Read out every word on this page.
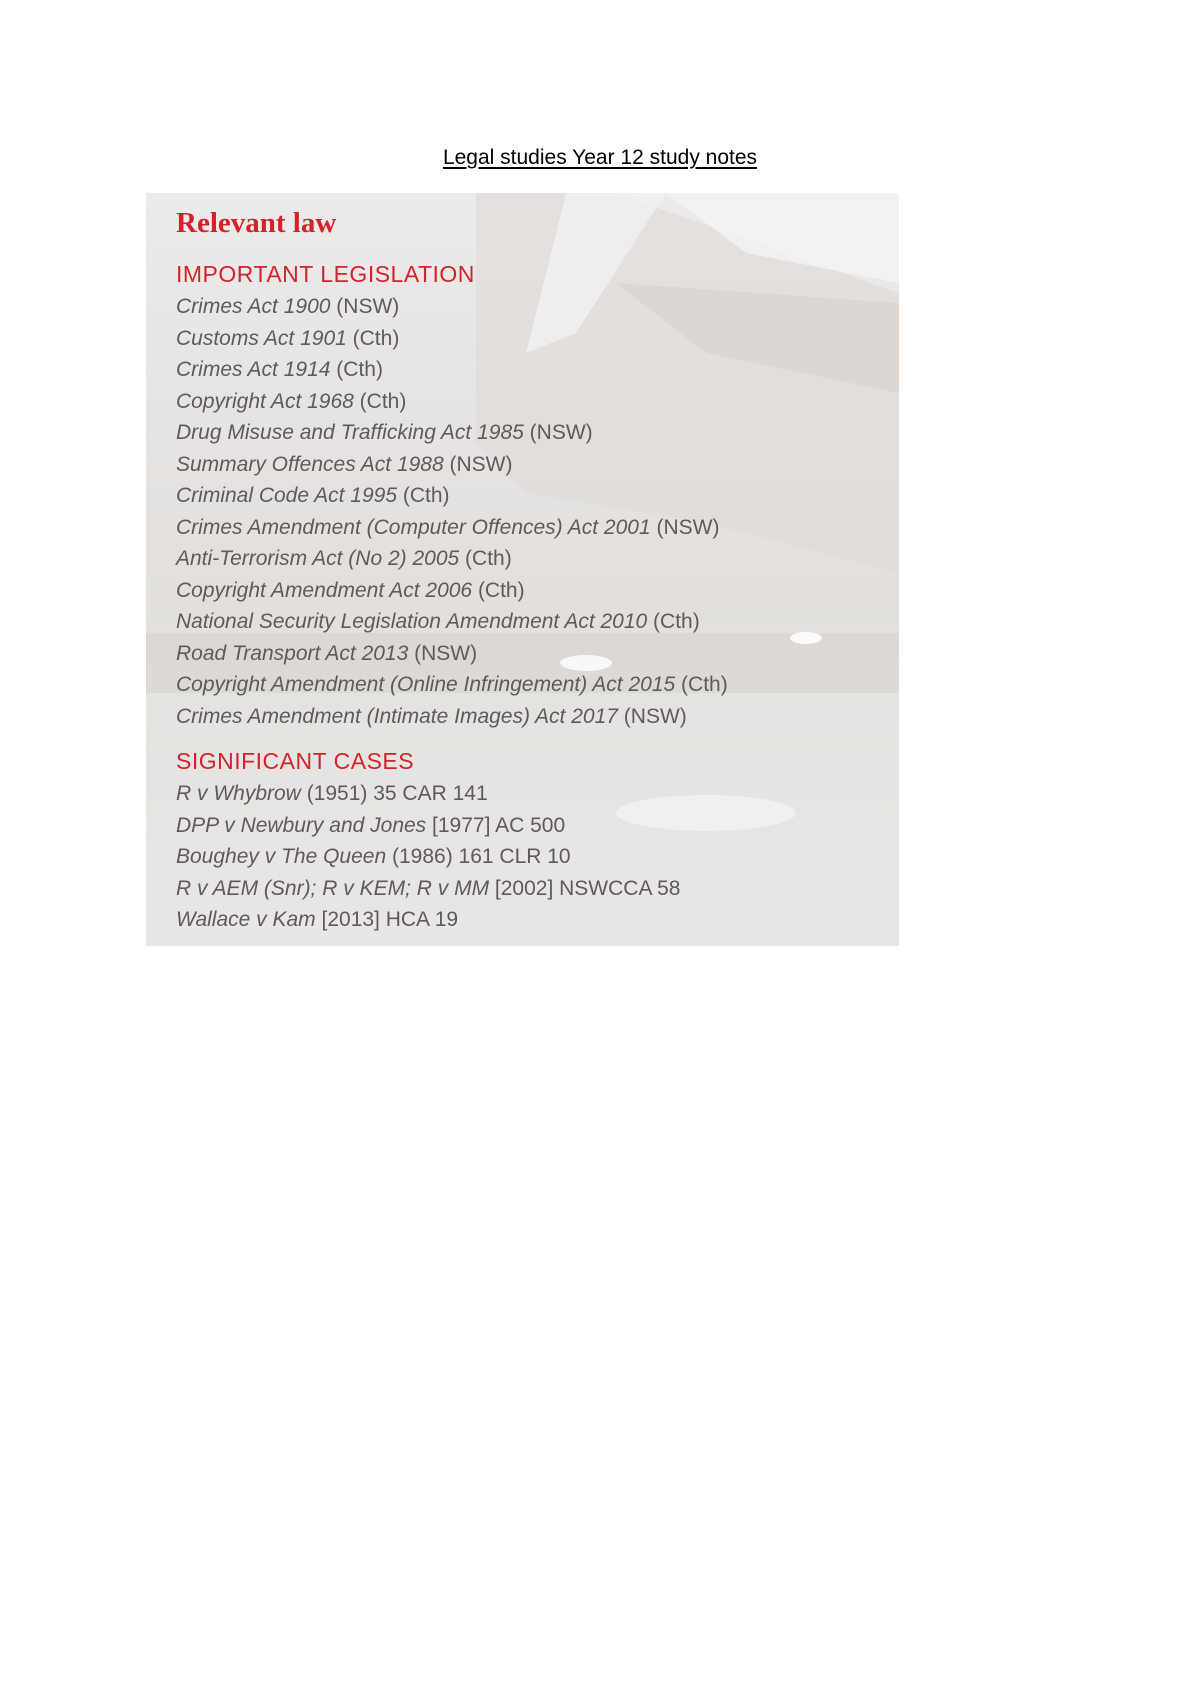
Legal studies Year 12 study notes
Relevant law
IMPORTANT LEGISLATION
Crimes Act 1900 (NSW)
Customs Act 1901 (Cth)
Crimes Act 1914 (Cth)
Copyright Act 1968 (Cth)
Drug Misuse and Trafficking Act 1985 (NSW)
Summary Offences Act 1988 (NSW)
Criminal Code Act 1995 (Cth)
Crimes Amendment (Computer Offences) Act 2001 (NSW)
Anti-Terrorism Act (No 2) 2005 (Cth)
Copyright Amendment Act 2006 (Cth)
National Security Legislation Amendment Act 2010 (Cth)
Road Transport Act 2013 (NSW)
Copyright Amendment (Online Infringement) Act 2015 (Cth)
Crimes Amendment (Intimate Images) Act 2017 (NSW)
SIGNIFICANT CASES
R v Whybrow (1951) 35 CAR 141
DPP v Newbury and Jones [1977] AC 500
Boughey v The Queen (1986) 161 CLR 10
R v AEM (Snr); R v KEM; R v MM [2002] NSWCCA 58
Wallace v Kam [2013] HCA 19
